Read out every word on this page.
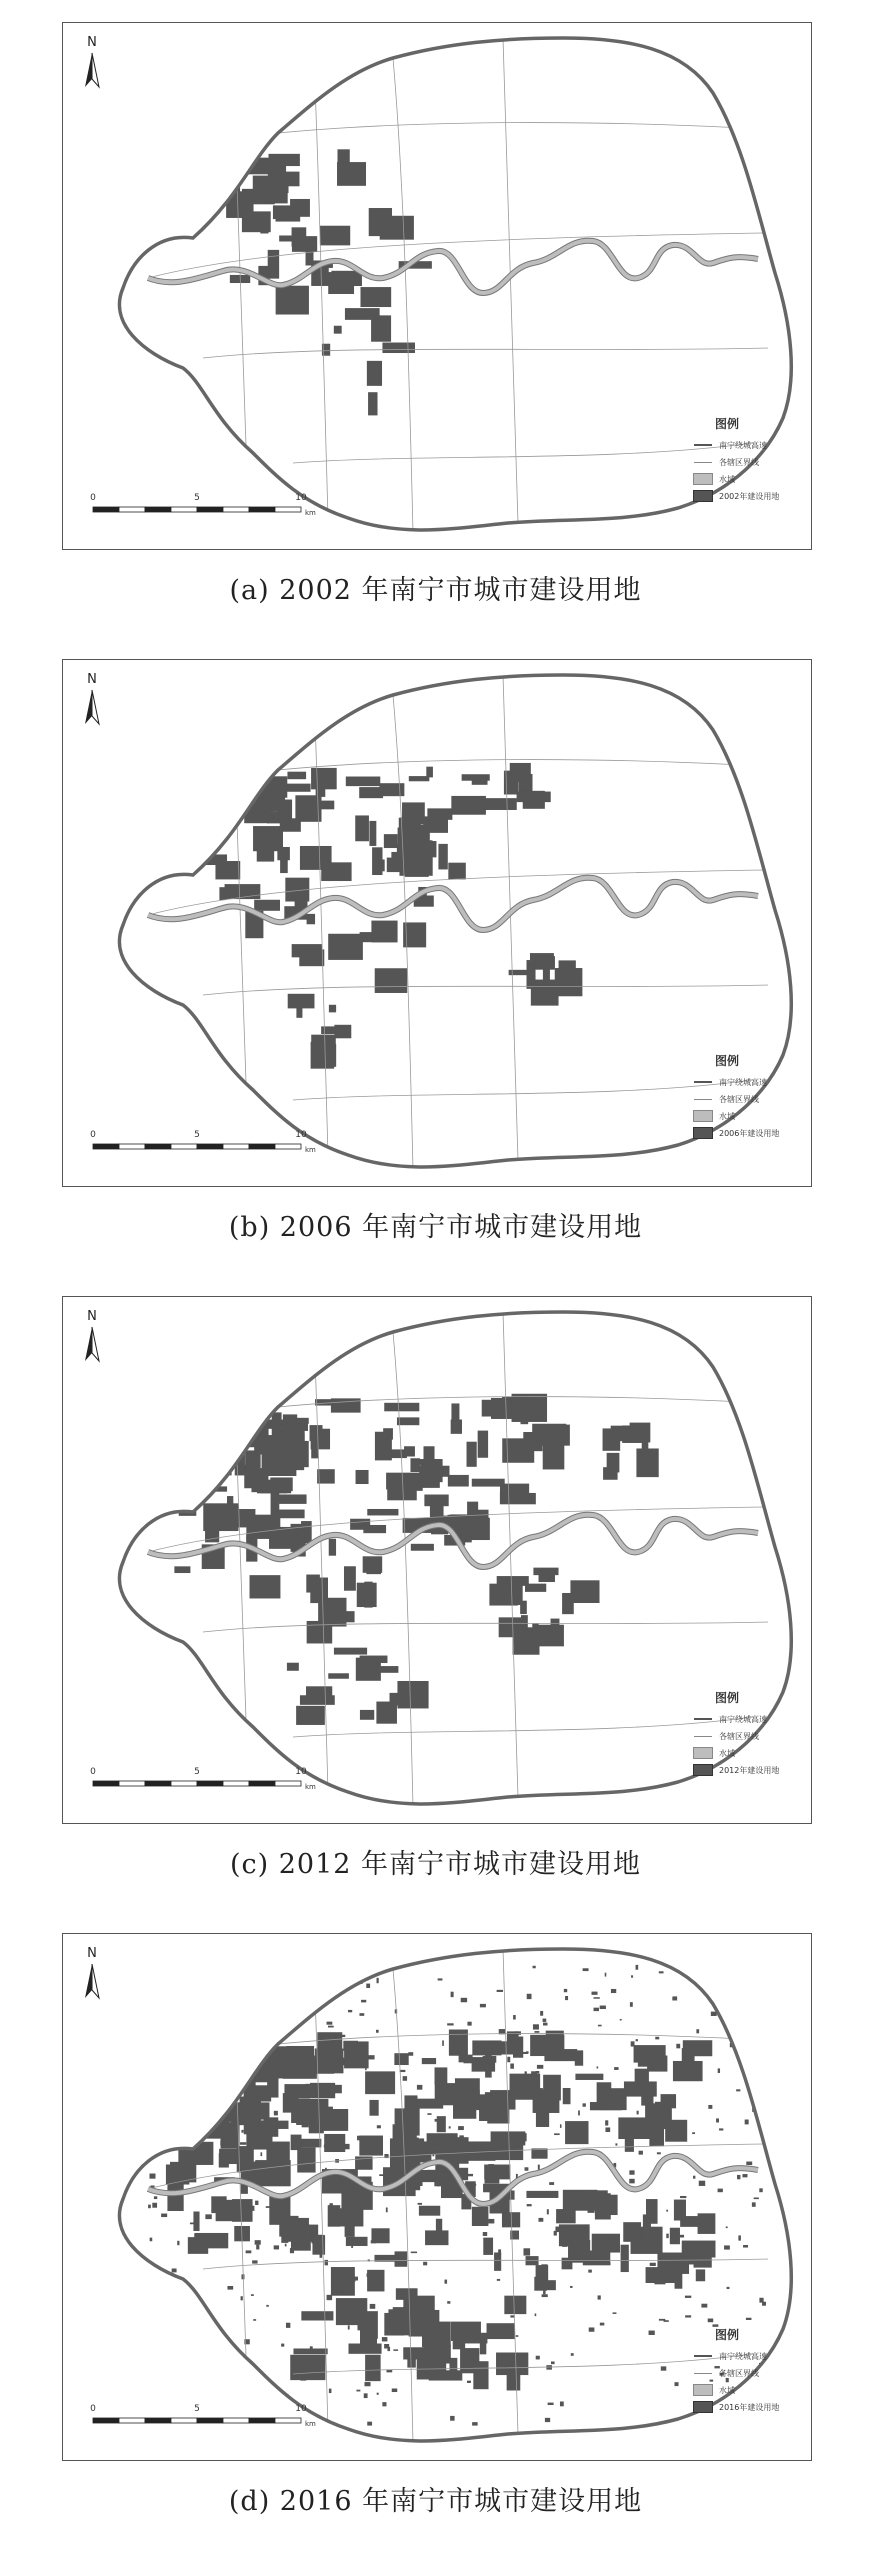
N
0	5	10
km
图例
南宁绕城高速
各辖区界线
水域
2002年建设用地
(a) 2002 年南宁市城市建设用地
N
0	5	10
km
图例
南宁绕城高速
各辖区界线
水域
2006年建设用地
(b) 2006 年南宁市城市建设用地
N
0	5	10
km
图例
南宁绕城高速
各辖区界线
水域
2012年建设用地
(c) 2012 年南宁市城市建设用地
N
0	5	10
km
图例
南宁绕城高速
各辖区界线
水域
2016年建设用地
(d) 2016 年南宁市城市建设用地
